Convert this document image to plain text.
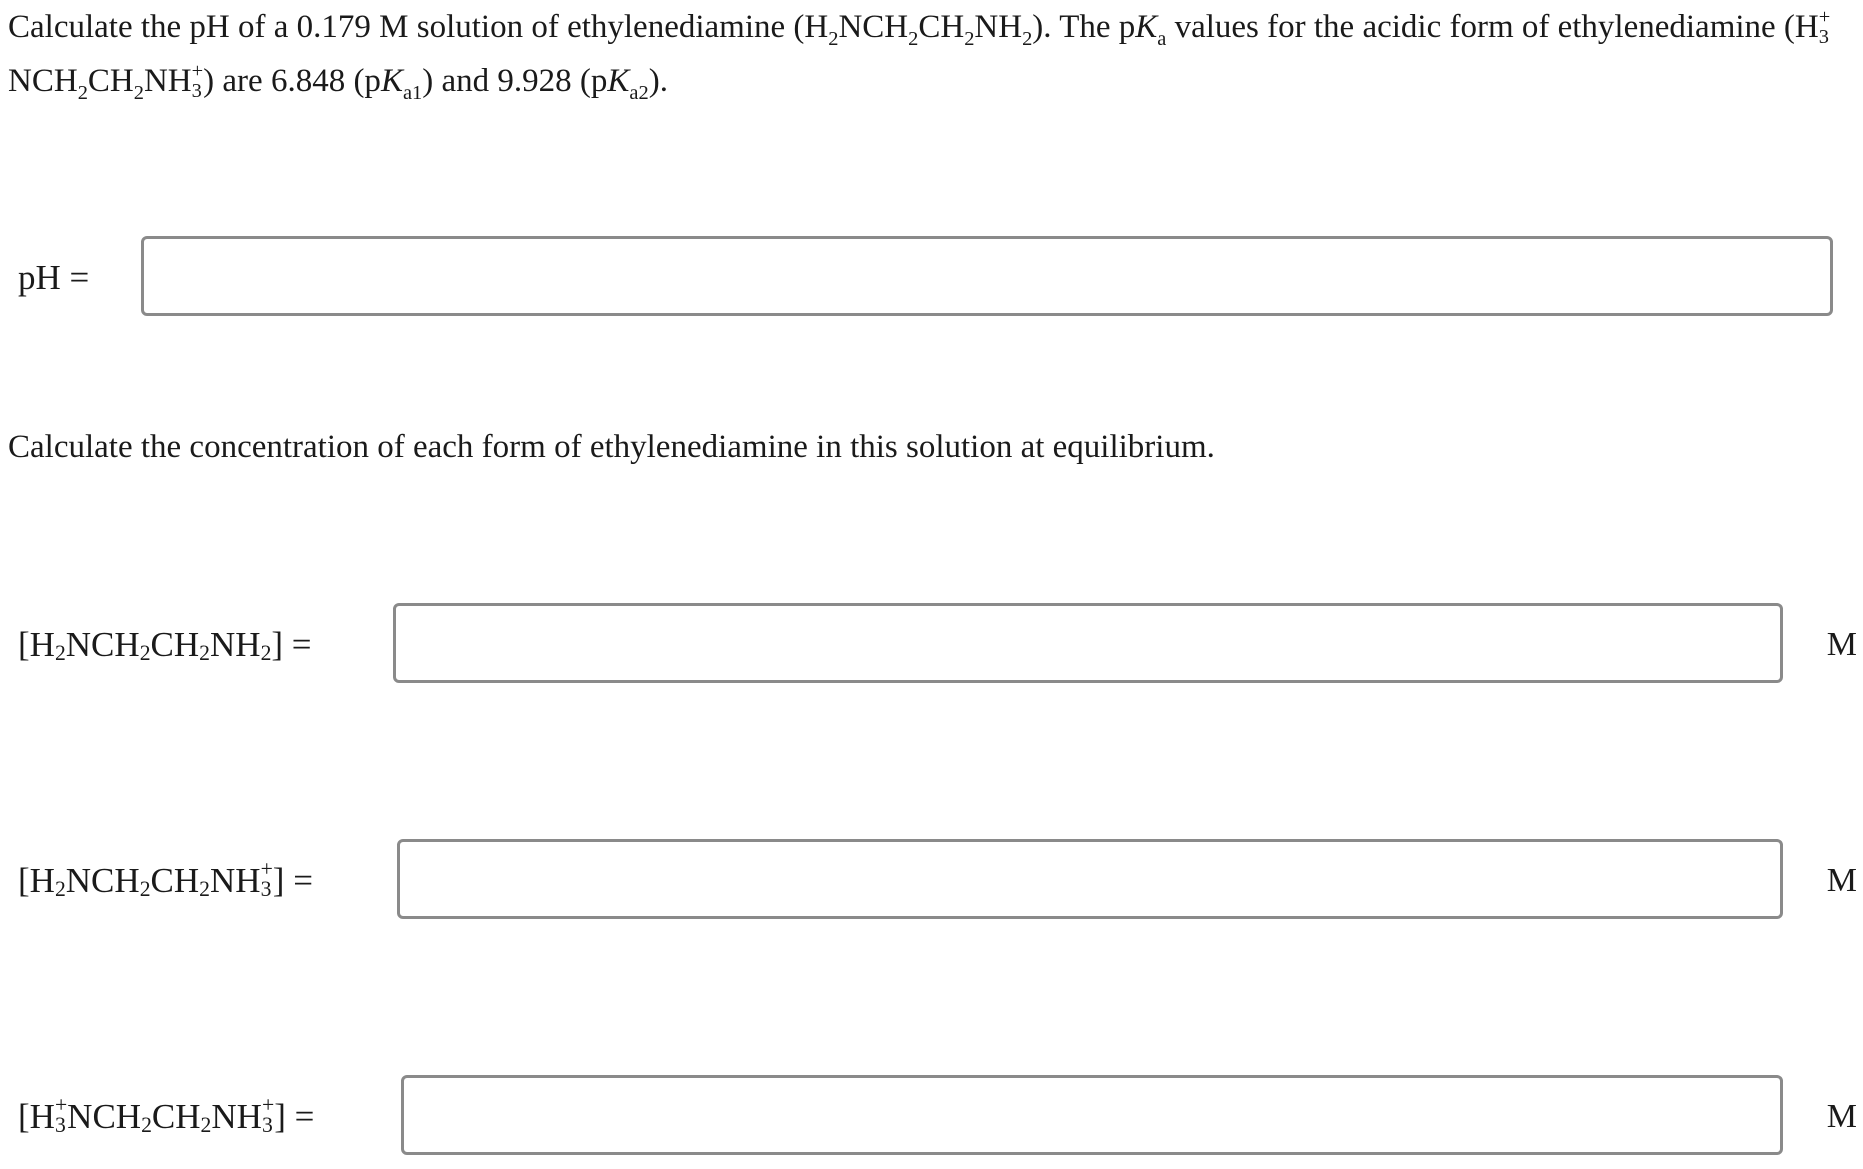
Calculate the pH of a 0.179 M solution of ethylenediamine $(H_2NCH_2CH_2NH_2)$. The $pK_a$ values for the acidic form of ethylenediamine (H +
3
$NCH_2CH_2NH$ +
3 ) are 6.848 $(pK_{a1})$ and 9.928 $(pK_{a2})$.

pH =

Calculate the concentration of each form of ethylenediamine in this solution at equilibrium.

[ H 2 NCH 2 CH 2 NH 2 ] =	M
[ H 2 NCH 2 CH 2 NH +
3 ] =	M
[ H +
3 NCH 2 CH 2 NH +
3 ] =	M
